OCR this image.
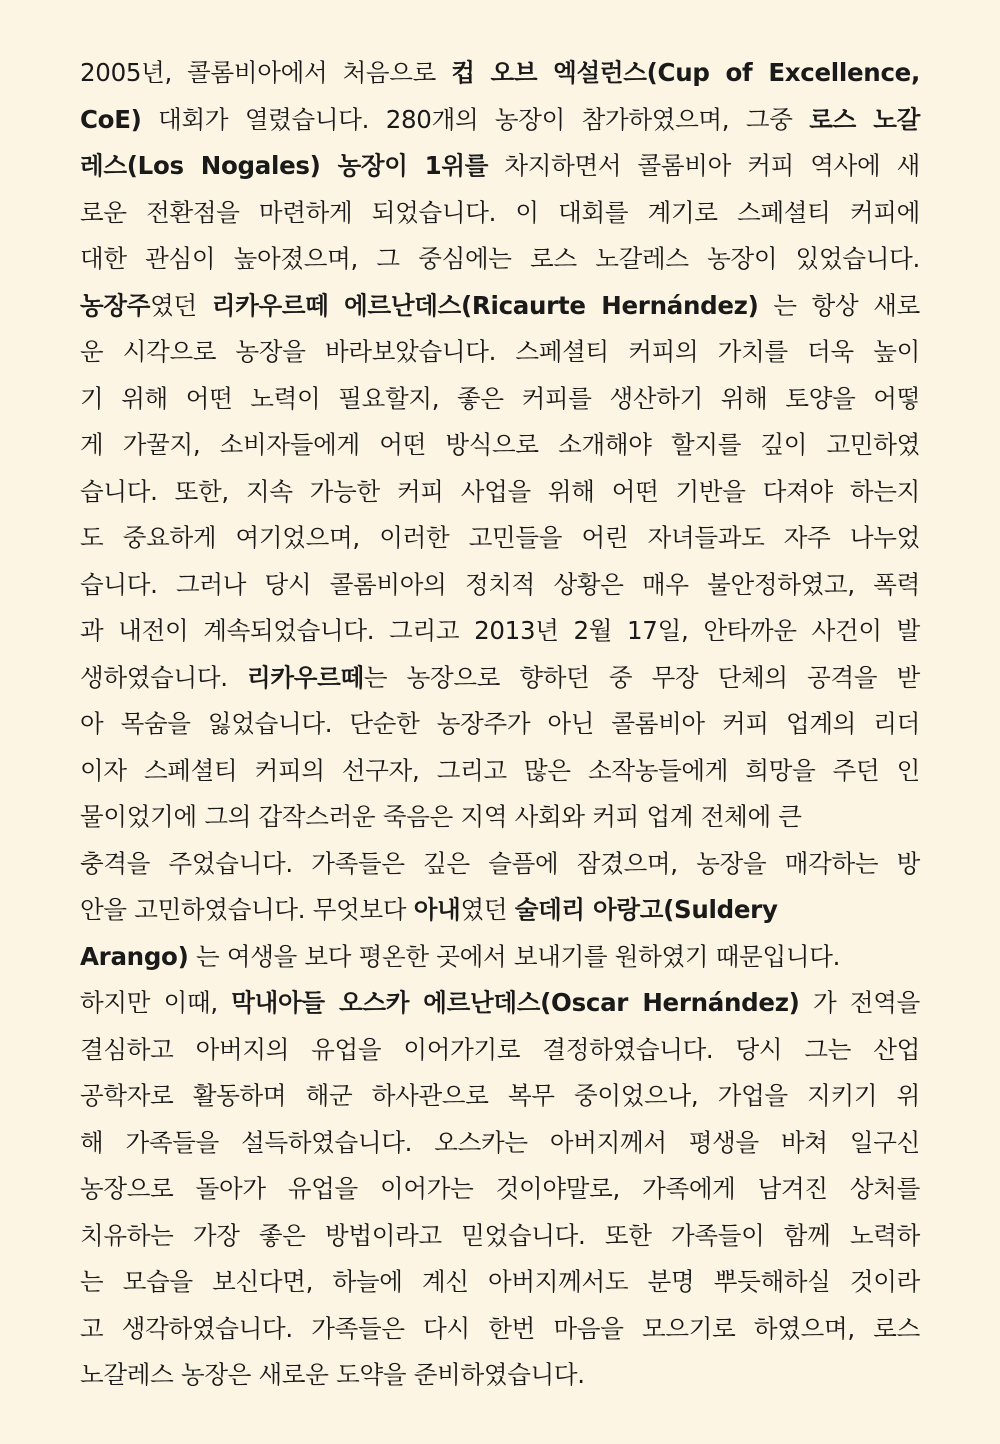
2005년, 콜롬비아에서 처음으로 컵 오브 엑설런스(Cup of Excellence,
CoE) 대회가 열렸습니다. 280개의 농장이 참가하였으며, 그중 로스 노갈
레스(Los Nogales) 농장이 1위를 차지하면서 콜롬비아 커피 역사에 새
로운 전환점을 마련하게 되었습니다. 이 대회를 계기로 스페셜티 커피에
대한 관심이 높아졌으며, 그 중심에는 로스 노갈레스 농장이 있었습니다.
농장주였던 리카우르떼 에르난데스(Ricaurte Hernández) 는 항상 새로
운 시각으로 농장을 바라보았습니다. 스페셜티 커피의 가치를 더욱 높이
기 위해 어떤 노력이 필요할지, 좋은 커피를 생산하기 위해 토양을 어떻
게 가꿀지, 소비자들에게 어떤 방식으로 소개해야 할지를 깊이 고민하였
습니다. 또한, 지속 가능한 커피 사업을 위해 어떤 기반을 다져야 하는지
도 중요하게 여기었으며, 이러한 고민들을 어린 자녀들과도 자주 나누었
습니다. 그러나 당시 콜롬비아의 정치적 상황은 매우 불안정하였고, 폭력
과 내전이 계속되었습니다. 그리고 2013년 2월 17일, 안타까운 사건이 발
생하였습니다. 리카우르떼는 농장으로 향하던 중 무장 단체의 공격을 받
아 목숨을 잃었습니다. 단순한 농장주가 아닌 콜롬비아 커피 업계의 리더
이자 스페셜티 커피의 선구자, 그리고 많은 소작농들에게 희망을 주던 인
물이었기에 그의 갑작스러운 죽음은 지역 사회와 커피 업계 전체에 큰
충격을 주었습니다. 가족들은 깊은 슬픔에 잠겼으며, 농장을 매각하는 방
안을 고민하였습니다. 무엇보다 아내였던 술데리 아랑고(Suldery
Arango) 는 여생을 보다 평온한 곳에서 보내기를 원하였기 때문입니다.
하지만 이때, 막내아들 오스카 에르난데스(Oscar Hernández) 가 전역을
결심하고 아버지의 유업을 이어가기로 결정하였습니다. 당시 그는 산업
공학자로 활동하며 해군 하사관으로 복무 중이었으나, 가업을 지키기 위
해 가족들을 설득하였습니다. 오스카는 아버지께서 평생을 바쳐 일구신
농장으로 돌아가 유업을 이어가는 것이야말로, 가족에게 남겨진 상처를
치유하는 가장 좋은 방법이라고 믿었습니다. 또한 가족들이 함께 노력하
는 모습을 보신다면, 하늘에 계신 아버지께서도 분명 뿌듯해하실 것이라
고 생각하였습니다. 가족들은 다시 한번 마음을 모으기로 하였으며, 로스
노갈레스 농장은 새로운 도약을 준비하였습니다.
